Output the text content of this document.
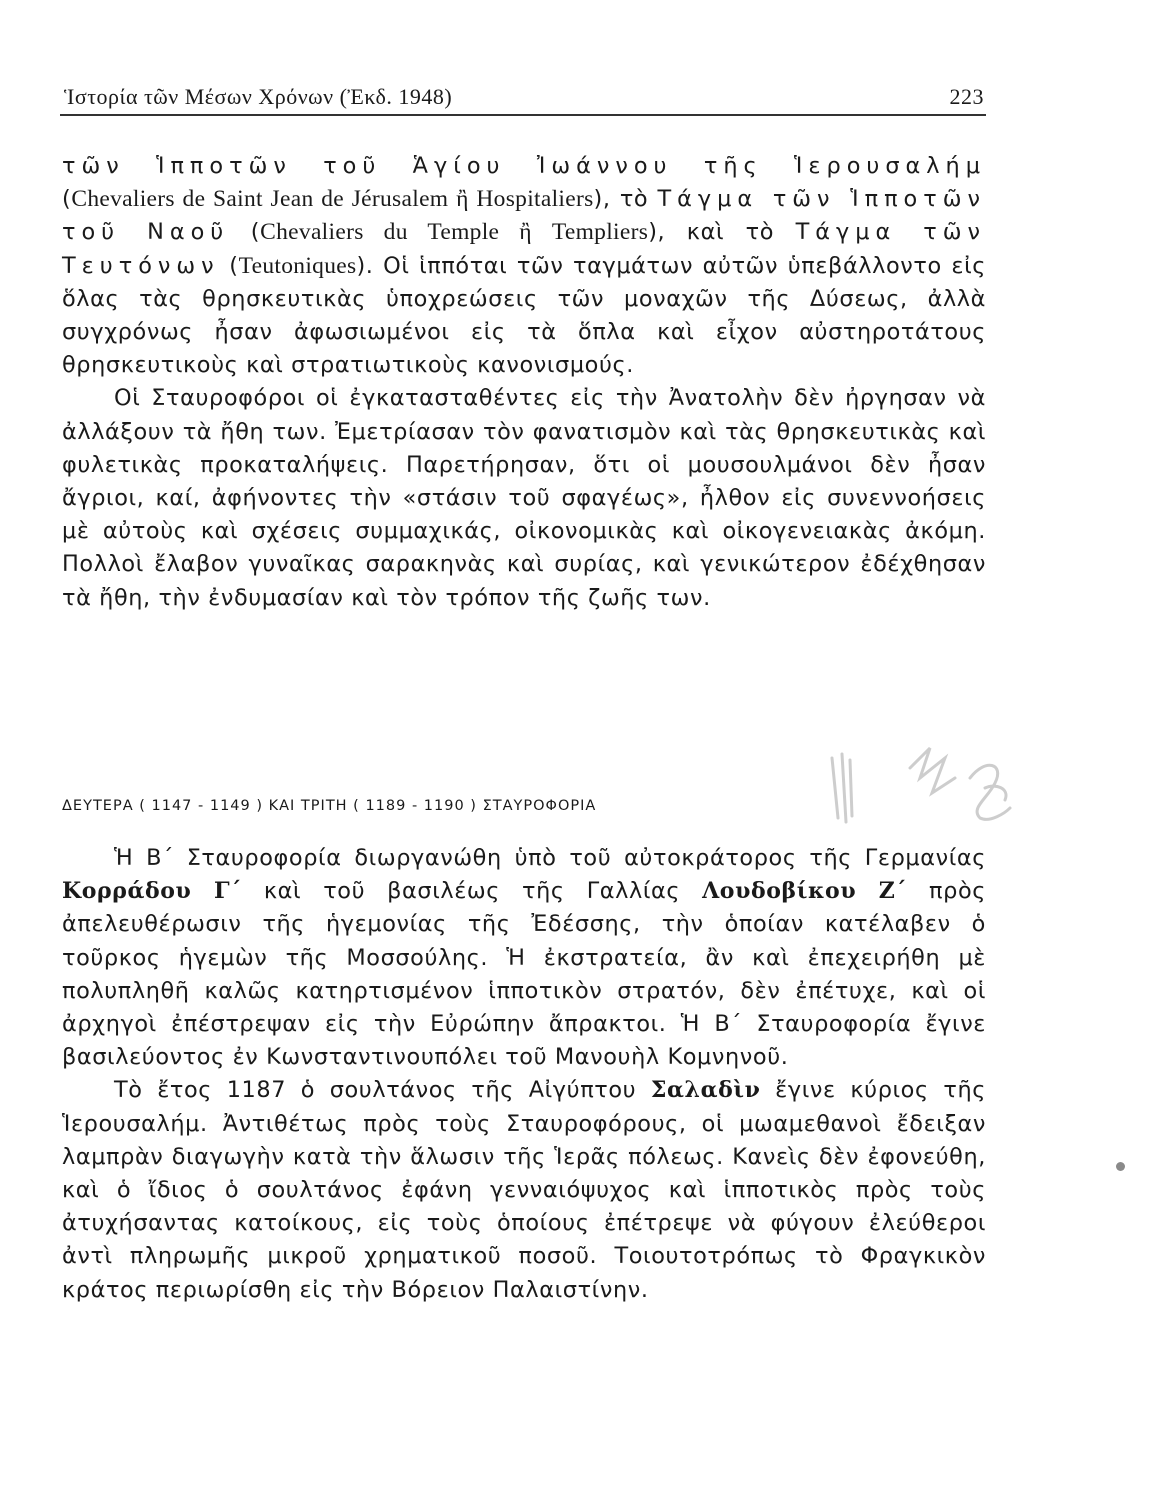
Ἱστορία τῶν Μέσων Χρόνων (Ἐκδ. 1948)	223

τῶν Ἱπποτῶν τοῦ Ἁγίου Ἰωάννου τῆς Ἱερουσαλήμ (Chevaliers de Saint Jean de Jérusalem ἢ Hospitaliers), τὸ Τάγμα τῶν Ἱπποτῶν τοῦ Ναοῦ (Chevaliers du Temple ἢ Templiers), καὶ τὸ Τάγμα τῶν Τευτόνων (Teutoniques). Οἱ ἱππόται τῶν ταγμάτων αὐτῶν ὑπεβάλλοντο εἰς ὅλας τὰς θρησκευτικὰς ὑποχρεώσεις τῶν μοναχῶν τῆς Δύσεως, ἀλλὰ συγχρόνως ἦσαν ἀφωσιωμένοι εἰς τὰ ὅπλα καὶ εἶχον αὐστηροτάτους θρησκευτικοὺς καὶ στρατιωτικοὺς κανονισμούς.

Οἱ Σταυροφόροι οἱ ἐγκατασταθέντες εἰς τὴν Ἀνατολὴν δὲν ἠργησαν νὰ ἀλλάξουν τὰ ἤθη των. Ἐμετρίασαν τὸν φανατισμὸν καὶ τὰς θρησκευτικὰς καὶ φυλετικὰς προκαταλήψεις. Παρετήρησαν, ὅτι οἱ μουσουλμάνοι δὲν ἦσαν ἄγριοι, καί, ἀφήνοντες τὴν «στάσιν τοῦ σφαγέως», ἦλθον εἰς συνεννοήσεις μὲ αὐτοὺς καὶ σχέσεις συμμαχικάς, οἰκονομικὰς καὶ οἰκογενειακὰς ἀκόμη. Πολλοὶ ἔλαβον γυναῖκας σαρακηνὰς καὶ συρίας, καὶ γενικώτερον ἐδέχθησαν τὰ ἤθη, τὴν ἐνδυμασίαν καὶ τὸν τρόπον τῆς ζωῆς των.

ΔΕΥΤΕΡΑ ( 1147 - 1149 ) ΚΑΙ ΤΡΙΤΗ ( 1189 - 1190 ) ΣΤΑΥΡΟΦΟΡΙΑ

Ἡ Β΄ Σταυροφορία διωργανώθη ὑπὸ τοῦ αὐτοκράτορος τῆς Γερμανίας Κορράδου Γ΄ καὶ τοῦ βασιλέως τῆς Γαλλίας Λουδοβίκου Ζ΄ πρὸς ἀπελευθέρωσιν τῆς ἡγεμονίας τῆς Ἐδέσσης, τὴν ὁποίαν κατέλαβεν ὁ τοῦρκος ἡγεμὼν τῆς Μοσσούλης. Ἡ ἐκστρατεία, ἂν καὶ ἐπεχειρήθη μὲ πολυπληθῆ καλῶς κατηρτισμένον ἱππoτικὸν στρατόν, δὲν ἐπέτυχε, καὶ οἱ ἀρχηγοὶ ἐπέστρεψαν εἰς τὴν Εὐρώπην ἄπρακτοι. Ἡ Β΄ Σταυροφορία ἔγινε βασιλεύοντος ἐν Κωνσταντινουπόλει τοῦ Μανουὴλ Κομνηνοῦ.

Τὸ ἔτος 1187 ὁ σουλτάνος τῆς Αἰγύπτου Σαλαδὶν ἔγινε κύριος τῆς Ἱερουσαλήμ. Ἀντιθέτως πρὸς τοὺς Σταυροφόρους, οἱ μωαμεθανοὶ ἔδειξαν λαμπρὰν διαγωγὴν κατὰ τὴν ἅλωσιν τῆς Ἱερᾶς πόλεως. Κανεὶς δὲν ἐφονεύθη, καὶ ὁ ἴδιος ὁ σουλτάνος ἐφάνη γενναιόψυχος καὶ ἱπποτικὸς πρὸς τοὺς ἀτυχήσαντας κατοίκους, εἰς τοὺς ὁποίους ἐπέτρεψε νὰ φύγουν ἐλεύθεροι ἀντὶ πληρωμῆς μικροῦ χρηματικοῦ ποσοῦ. Τοιουτοτρόπως τὸ Φραγκικὸν κράτος περιωρίσθη εἰς τὴν Βόρειον Παλαιστίνην.
